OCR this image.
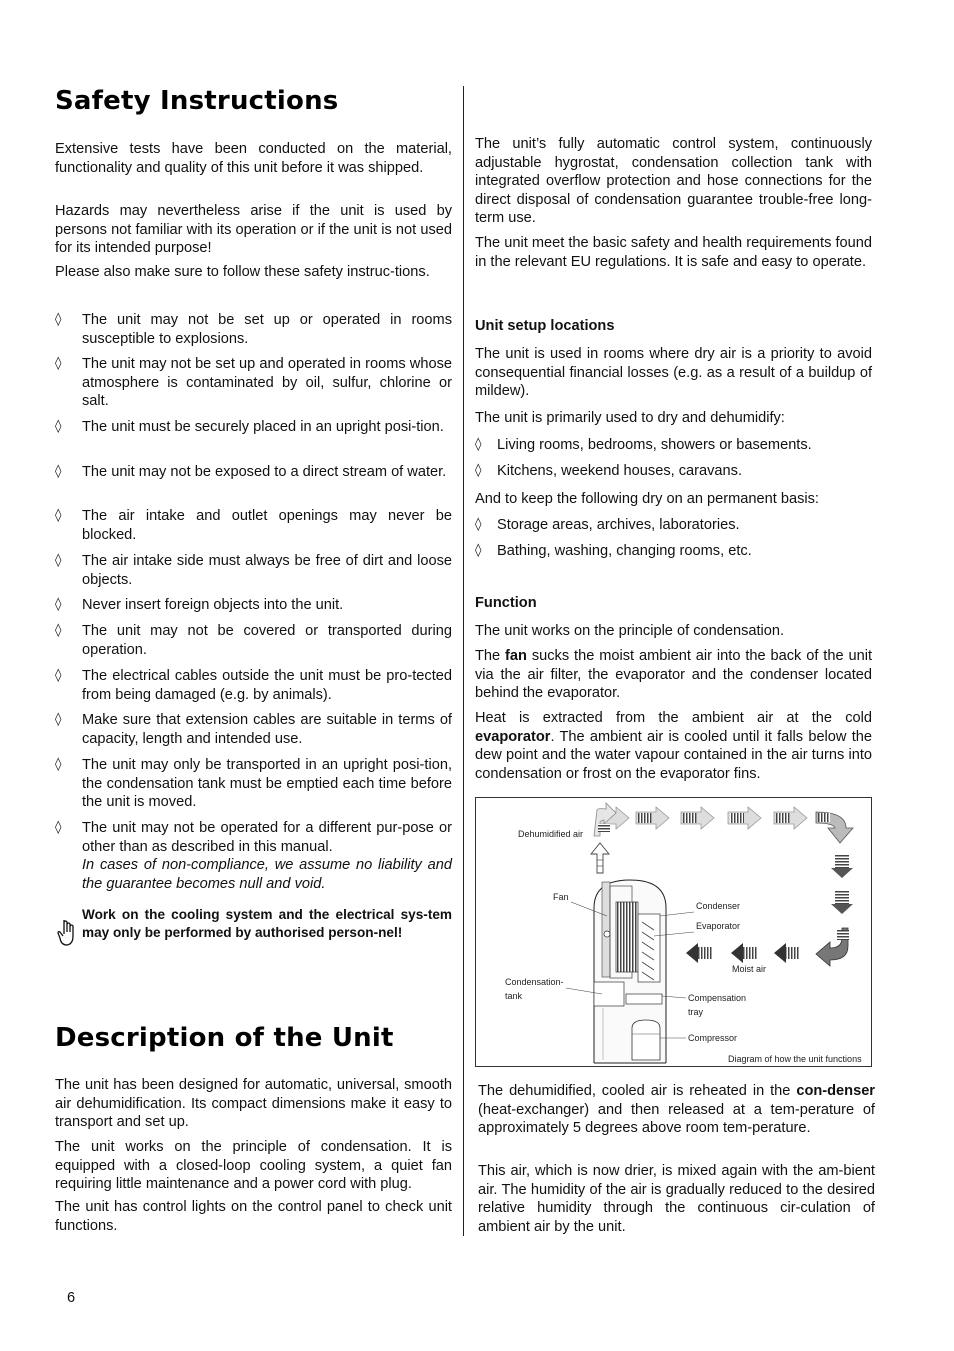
Safety Instructions

Extensive tests have been conducted on the material, functionality and quality of this unit before it was shipped.

Hazards may nevertheless arise if the unit is used by persons not familiar with its operation or if the unit is not used for its intended purpose!

Please also make sure to follow these safety instruc-tions.

◊	The unit may not be set up or operated in rooms susceptible to explosions.
◊	The unit may not be set up and operated in rooms whose atmosphere is contaminated by oil, sulfur, chlorine or salt.
◊	The unit must be securely placed in an upright posi-tion.
◊	The unit may not be exposed to a direct stream of water.
◊	The air intake and outlet openings may never be blocked.
◊	The air intake side must always be free of dirt and loose objects.
◊	Never insert foreign objects into the unit.
◊	The unit may not be covered or transported during operation.
◊	The electrical cables outside the unit must be pro-tected from being damaged (e.g. by animals).
◊	Make sure that extension cables are suitable in terms of capacity, length and intended use.
◊	The unit may only be transported in an upright posi-tion, the condensation tank must be emptied each time before the unit is moved.
◊	The unit may not be operated for a different pur-pose or other than as described in this manual.
In cases of non-compliance, we assume no liability and the guarantee becomes null and void.
Work on the cooling system and the electrical sys-tem may only be performed by authorised person-nel!
Description of the Unit

The unit has been designed for automatic, universal, smooth air dehumidification. Its compact dimensions make it easy to transport and set up.

The unit works on the principle of condensation. It is equipped with a closed-loop cooling system, a quiet fan requiring little maintenance and a power cord with plug.

The unit has control lights on the control panel to check unit functions.

6

The unit’s fully automatic control system, continuously adjustable hygrostat, condensation collection tank with integrated overflow protection and hose connections for the direct disposal of condensation guarantee trouble-free long-term use.

The unit meet the basic safety and health requirements found in the relevant EU regulations. It is safe and easy to operate.

Unit setup locations

The unit is used in rooms where dry air is a priority to avoid consequential financial losses (e.g. as a result of a buildup of mildew).

The unit is primarily used to dry and dehumidify:

◊	Living rooms, bedrooms, showers or basements.
◊	Kitchens, weekend houses, caravans.

And to keep the following dry on an permanent basis:

◊	Storage areas, archives, laboratories.
◊	Bathing, washing, changing rooms, etc.
Function

The unit works on the principle of condensation.

The fan sucks the moist ambient air into the back of the unit via the air filter, the evaporator and the condenser located behind the evaporator.

Heat is extracted from the ambient air at the cold evaporator. The ambient air is cooled until it falls below the dew point and the water vapour contained in the air turns into condensation or frost on the evaporator fins.

Dehumidified air
Fan
Condenser
Evaporator
Moist air
Condensation-
tank	Compensation
tray
Compressor
Diagram of how the unit functions

The dehumidified, cooled air is reheated in the con-denser (heat-exchanger) and then released at a tem-perature of approximately 5 degrees above room tem-perature.

This air, which is now drier, is mixed again with the am-bient air. The humidity of the air is gradually reduced to the desired relative humidity through the continuous cir-culation of ambient air by the unit.
